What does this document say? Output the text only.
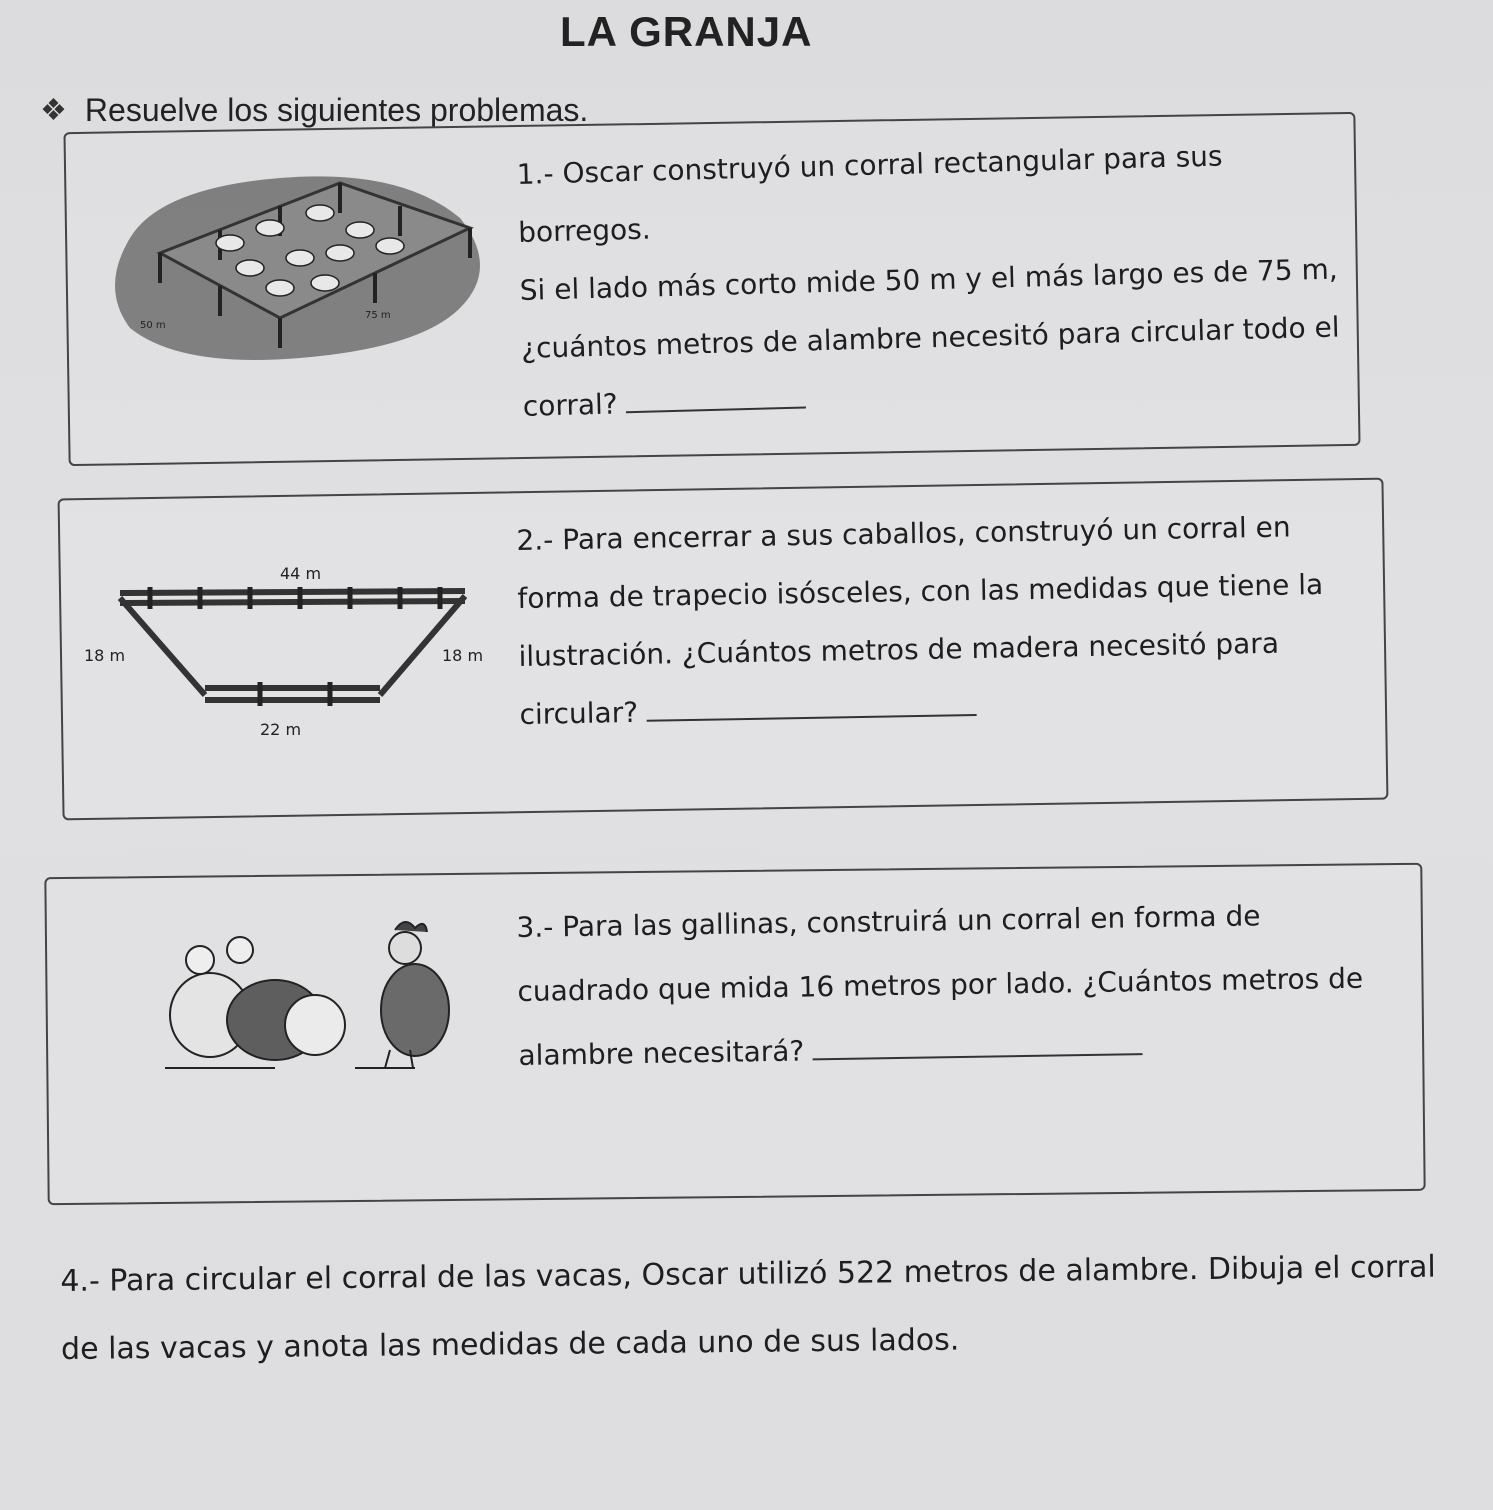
LA GRANJA
❖ Resuelve los siguientes problemas.
50 m
75 m
1.- Oscar construyó un corral rectangular para sus borregos.
Si el lado más corto mide 50 m y el más largo es de 75 m,
¿cuántos metros de alambre necesitó para circular todo el
corral?
44 m
18 m	18 m
22 m
2.- Para encerrar a sus caballos, construyó un corral en
forma de trapecio isósceles, con las medidas que tiene la
ilustración. ¿Cuántos metros de madera necesitó para
circular?
3.- Para las gallinas, construirá un corral en forma de
cuadrado que mida 16 metros por lado. ¿Cuántos metros de
alambre necesitará?
4.- Para circular el corral de las vacas, Oscar utilizó 522 metros de alambre. Dibuja el corral de las vacas y anota las medidas de cada uno de sus lados.
